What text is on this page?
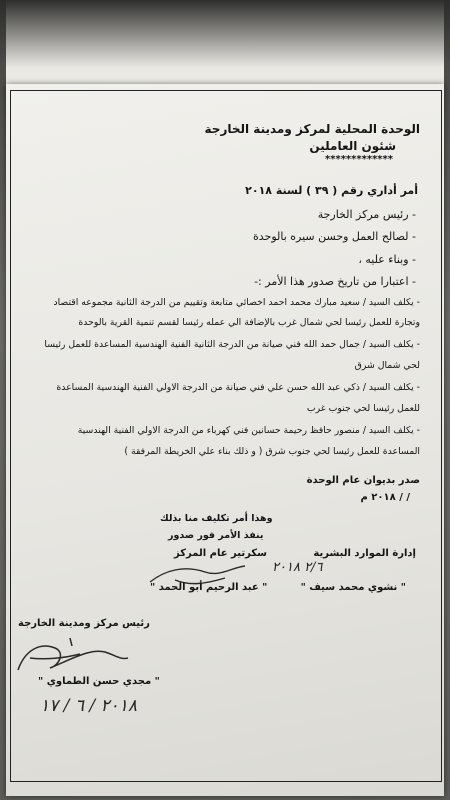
الوحدة المحلية لمركز ومدينة الخارجة
شئون العاملين
*************
أمر أداري رقم ( ٣٩ ) لسنة ٢٠١٨
- رئيس مركز الخارجة
- لصالح العمل وحسن سيره بالوحدة
- وبناء عليه ،
- اعتبارا من تاريخ صدور هذا الأمر :-
- يكلف السيد / سعيد مبارك محمد احمد اخصائي متابعة وتقييم من الدرجة الثانية مجموعه اقتصاد
وتجارة للعمل رئيسا لحي شمال غرب بالإضافة الي عمله رئيسا لقسم تنمية القرية بالوحدة
- يكلف السيد / جمال حمد الله فني صيانة من الدرجة الثانية الفنية الهندسية المساعدة للعمل رئيسا
لحي شمال شرق
- يكلف السيد / ذكي عبد الله حسن علي فني صيانة من الدرجة الاولي الفنية الهندسية المساعدة
للعمل رئيسا لحي جنوب غرب
- يكلف السيد / منصور حافظ رحيمة حسانين فني كهرباء من الدرجة الاولي الفنية الهندسية
المساعدة للعمل رئيسا لحي جنوب شرق ( و ذلك بناء علي الخريطة المرفقة )
صدر بديوان عام الوحدة
/ / ٢٠١٨ م
وهذا أمر تكليف منا بذلك
ينفذ الأمر فور صدور
إدارة الموارد البشرية
٢/٦ ٢٠١٨
" نشوي محمد سيف "
سكرتير عام المركز
" عبد الرحيم أبو الحمد "
رئيس مركز ومدينة الخارجة
" مجدي حسن الطماوي "
٢٠١٨ / ٦ / ١٧
